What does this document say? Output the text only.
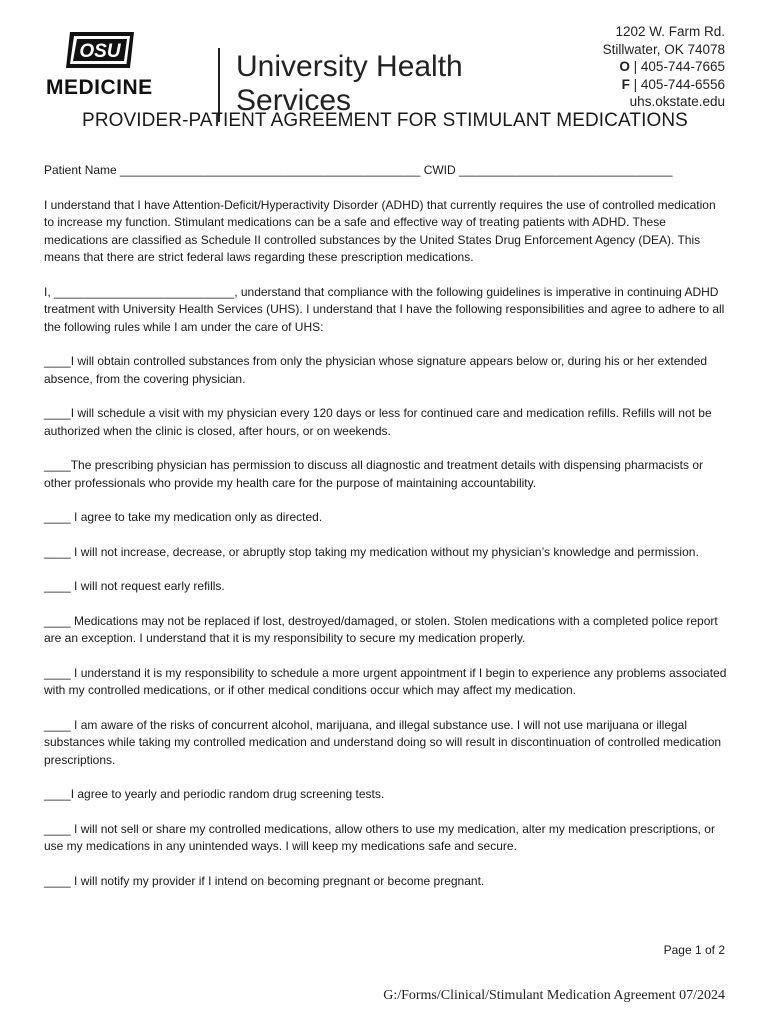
OSU
MEDICINE
University Health
Services
1202 W. Farm Rd.
Stillwater, OK 74078
O | 405-744-7665
F | 405-744-6556
uhs.okstate.edu
PROVIDER-PATIENT AGREEMENT FOR STIMULANT MEDICATIONS

Patient Name _____________________________________________ CWID ________________________________

I understand that I have Attention-Deficit/Hyperactivity Disorder (ADHD) that currently requires the use of controlled medication to increase my function. Stimulant medications can be a safe and effective way of treating patients with ADHD. These medications are classified as Schedule II controlled substances by the United States Drug Enforcement Agency (DEA). This means that there are strict federal laws regarding these prescription medications.

I, ___________________________, understand that compliance with the following guidelines is imperative in continuing ADHD treatment with University Health Services (UHS). I understand that I have the following responsibilities and agree to adhere to all the following rules while I am under the care of UHS:

____I will obtain controlled substances from only the physician whose signature appears below or, during his or her extended absence, from the covering physician.

____I will schedule a visit with my physician every 120 days or less for continued care and medication refills. Refills will not be authorized when the clinic is closed, after hours, or on weekends.

____The prescribing physician has permission to discuss all diagnostic and treatment details with dispensing pharmacists or other professionals who provide my health care for the purpose of maintaining accountability.

____ I agree to take my medication only as directed.

____ I will not increase, decrease, or abruptly stop taking my medication without my physician’s knowledge and permission.

____ I will not request early refills.

____ Medications may not be replaced if lost, destroyed/damaged, or stolen. Stolen medications with a completed police report are an exception. I understand that it is my responsibility to secure my medication properly.

____ I understand it is my responsibility to schedule a more urgent appointment if I begin to experience any problems associated with my controlled medications, or if other medical conditions occur which may affect my medication.

____ I am aware of the risks of concurrent alcohol, marijuana, and illegal substance use. I will not use marijuana or illegal substances while taking my controlled medication and understand doing so will result in discontinuation of controlled medication prescriptions.

____I agree to yearly and periodic random drug screening tests.

____ I will not sell or share my controlled medications, allow others to use my medication, alter my medication prescriptions, or use my medications in any unintended ways. I will keep my medications safe and secure.

____ I will notify my provider if I intend on becoming pregnant or become pregnant.

Page 1 of 2
G:/Forms/Clinical/Stimulant Medication Agreement 07/2024
